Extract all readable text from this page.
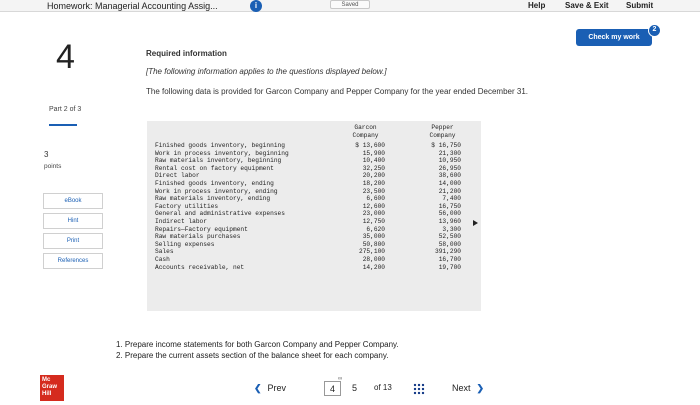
Homework: Managerial Accounting Assig...	i	Saved	Help Save & Exit Submit
Check my work
2
4
Part 2 of 3
3
points
eBook
Hint
Print
References
Required information
[The following information applies to the questions displayed below.]
The following data is provided for Garcon Company and Pepper Company for the year ended December 31.
Garcon
Company
Pepper
Company
Finished goods inventory, beginning	$ 13,600	$ 16,750
Work in process inventory, beginning	15,900	21,300
Raw materials inventory, beginning	10,400	10,950
Rental cost on factory equipment	32,250	26,950
Direct labor	20,200	38,600
Finished goods inventory, ending	18,200	14,000
Work in process inventory, ending	23,500	21,200
Raw materials inventory, ending	6,600	7,400
Factory utilities	12,600	16,750
General and administrative expenses	23,000	56,000
Indirect labor	12,750	13,960
Repairs—Factory equipment	6,620	3,300
Raw materials purchases	35,000	52,500
Selling expenses	50,800	58,000
Sales	275,100	391,290
Cash	28,000	16,700
Accounts receivable, net	14,200	19,700
1. Prepare income statements for both Garcon Company and Pepper Company.
2. Prepare the current assets section of the balance sheet for each company.
Mc Graw Hill
❮ Prev
∞
4	5	of 13	Next ❯
